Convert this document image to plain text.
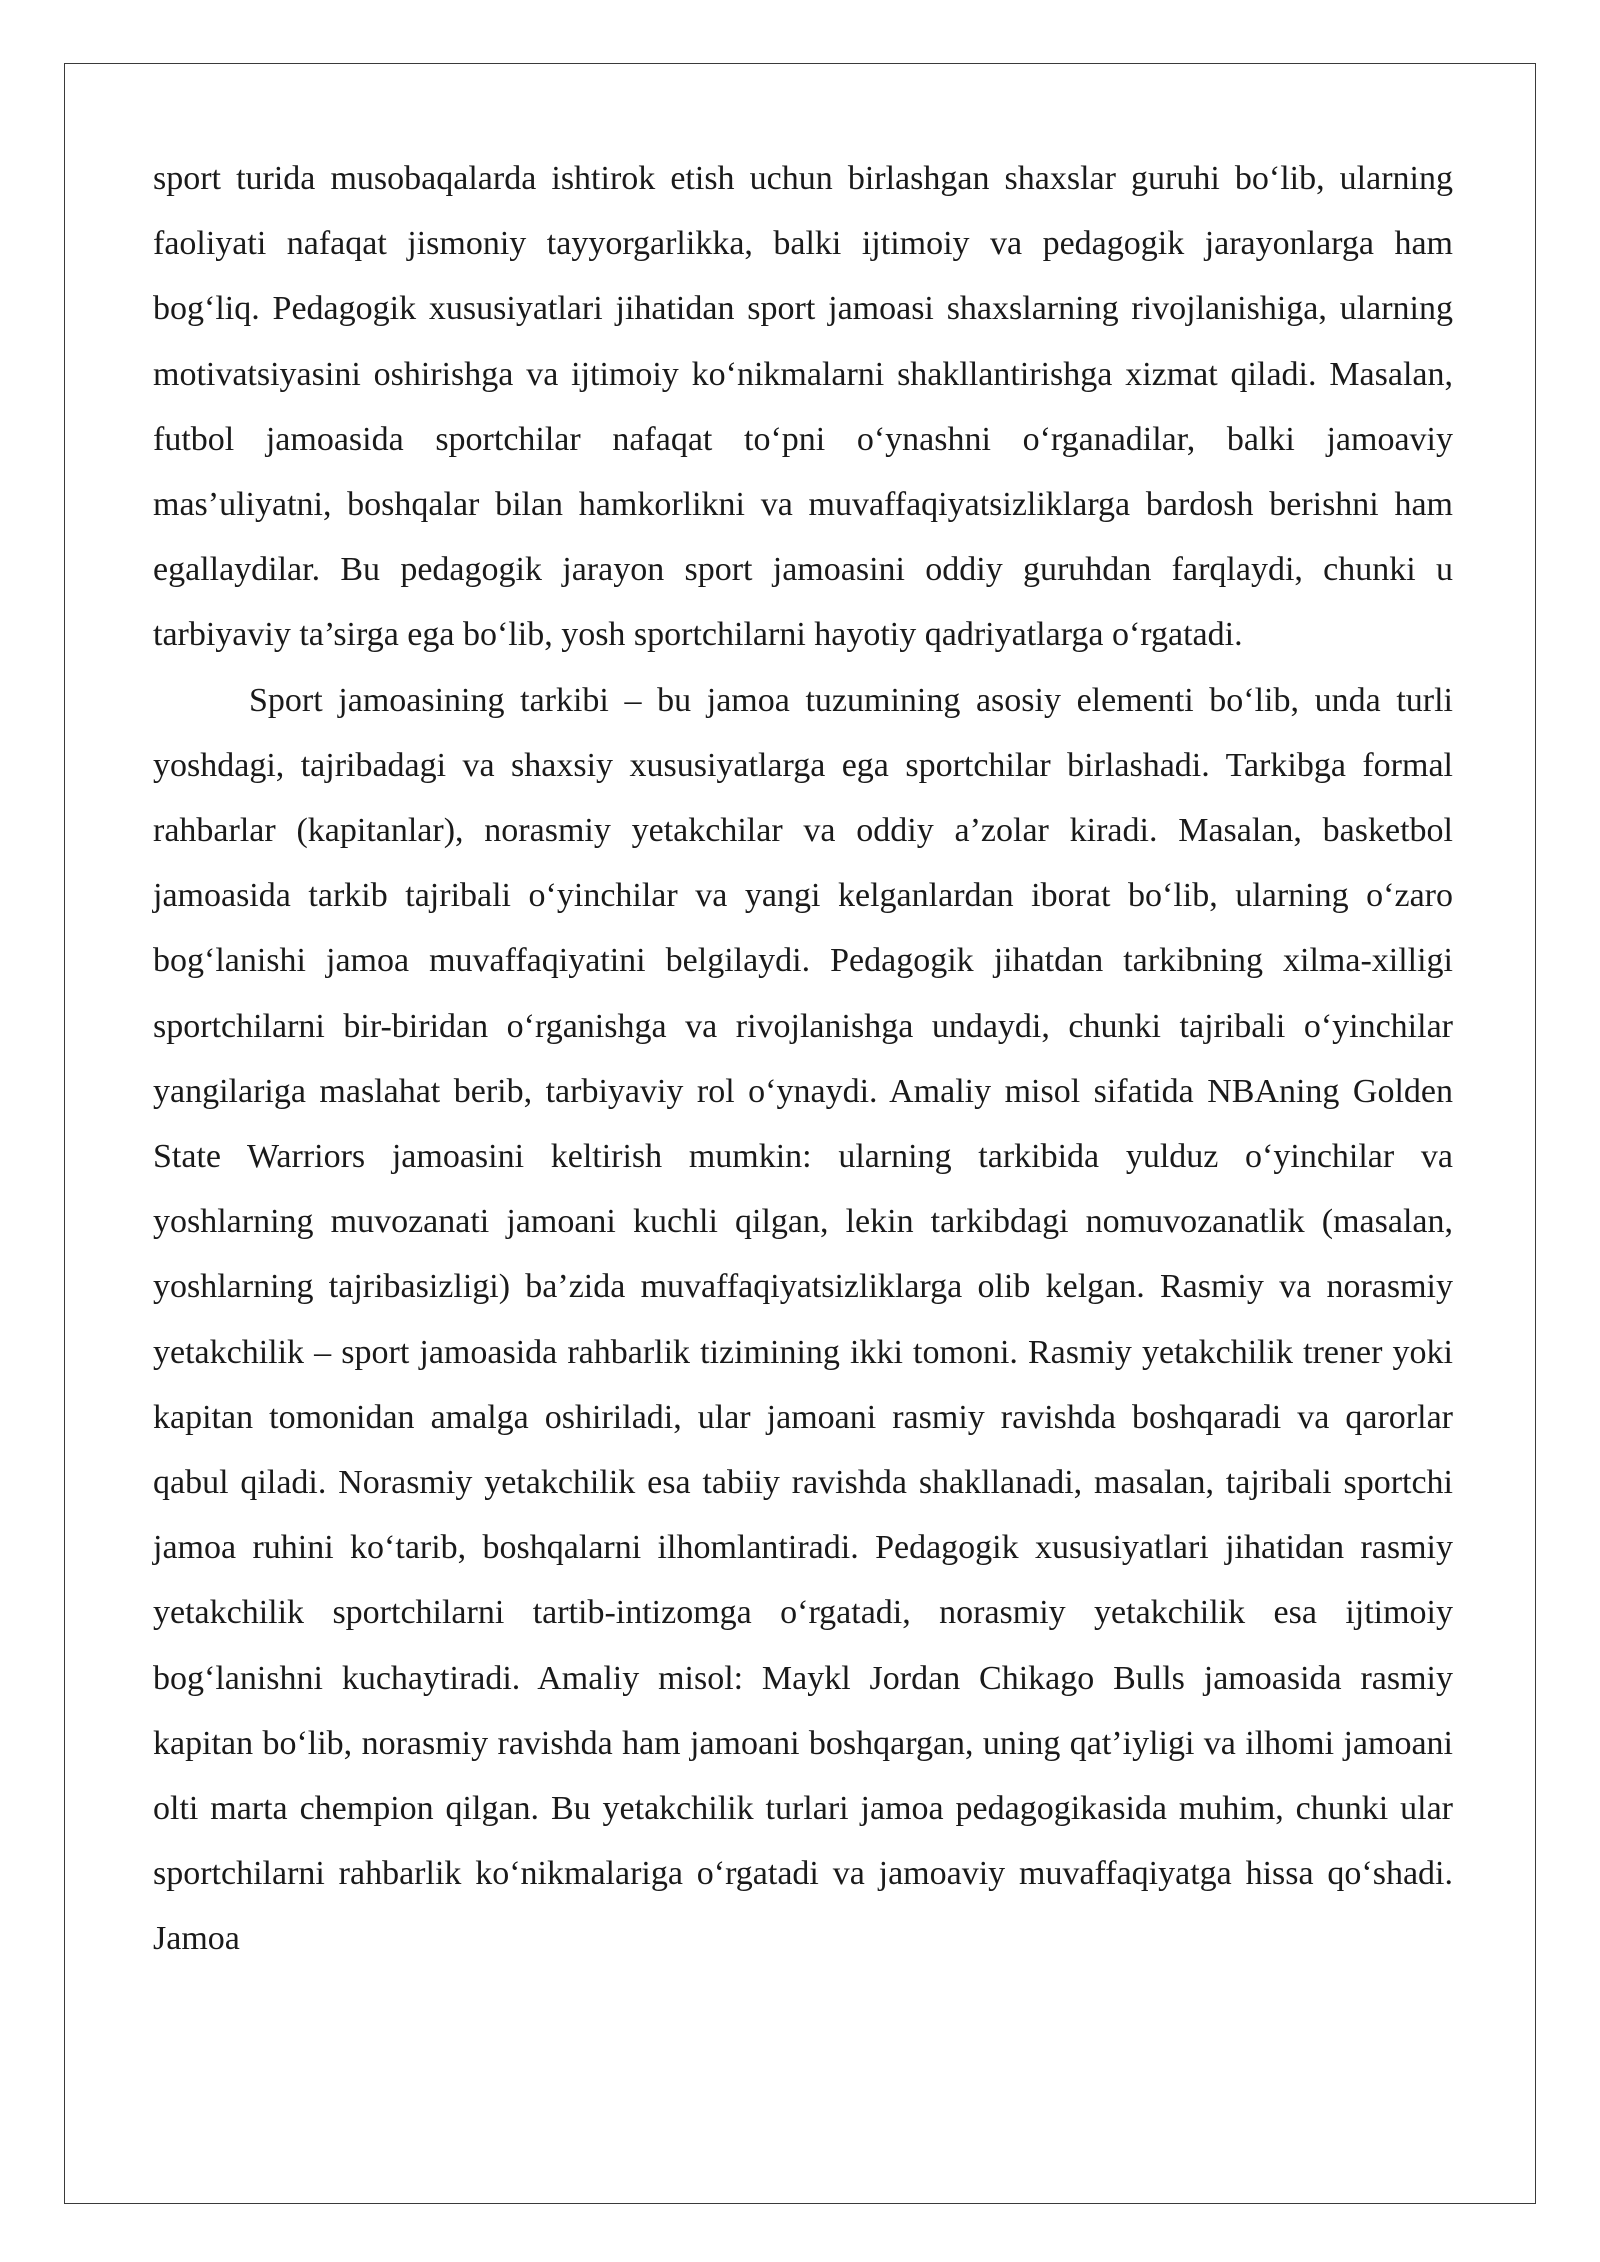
sport turida musobaqalarda ishtirok etish uchun birlashgan shaxslar guruhi bo‘lib, ularning faoliyati nafaqat jismoniy tayyorgarlikka, balki ijtimoiy va pedagogik jarayonlarga ham bog‘liq. Pedagogik xususiyatlari jihatidan sport jamoasi shaxslarning rivojlanishiga, ularning motivatsiyasini oshirishga va ijtimoiy ko‘nikmalarni shakllantirishga xizmat qiladi. Masalan, futbol jamoasida sportchilar nafaqat to‘pni o‘ynashni o‘rganadilar, balki jamoaviy mas’uliyatni, boshqalar bilan hamkorlikni va muvaffaqiyatsizliklarga bardosh berishni ham egallaydilar. Bu pedagogik jarayon sport jamoasini oddiy guruhdan farqlaydi, chunki u tarbiyaviy ta’sirga ega bo‘lib, yosh sportchilarni hayotiy qadriyatlarga o‘rgatadi.

Sport jamoasining tarkibi – bu jamoa tuzumining asosiy elementi bo‘lib, unda turli yoshdagi, tajribadagi va shaxsiy xususiyatlarga ega sportchilar birlashadi. Tarkibga formal rahbarlar (kapitanlar), norasmiy yetakchilar va oddiy a’zolar kiradi. Masalan, basketbol jamoasida tarkib tajribali o‘yinchilar va yangi kelganlardan iborat bo‘lib, ularning o‘zaro bog‘lanishi jamoa muvaffaqiyatini belgilaydi. Pedagogik jihatdan tarkibning xilma-xilligi sportchilarni bir-biridan o‘rganishga va rivojlanishga undaydi, chunki tajribali o‘yinchilar yangilariga maslahat berib, tarbiyaviy rol o‘ynaydi. Amaliy misol sifatida NBAning Golden State Warriors jamoasini keltirish mumkin: ularning tarkibida yulduz o‘yinchilar va yoshlarning muvozanati jamoani kuchli qilgan, lekin tarkibdagi nomuvozanatlik (masalan, yoshlarning tajribasizligi) ba’zida muvaffaqiyatsizliklarga olib kelgan. Rasmiy va norasmiy yetakchilik – sport jamoasida rahbarlik tizimining ikki tomoni. Rasmiy yetakchilik trener yoki kapitan tomonidan amalga oshiriladi, ular jamoani rasmiy ravishda boshqaradi va qarorlar qabul qiladi. Norasmiy yetakchilik esa tabiiy ravishda shakllanadi, masalan, tajribali sportchi jamoa ruhini ko‘tarib, boshqalarni ilhomlantiradi. Pedagogik xususiyatlari jihatidan rasmiy yetakchilik sportchilarni tartib-intizomga o‘rgatadi, norasmiy yetakchilik esa ijtimoiy bog‘lanishni kuchaytiradi. Amaliy misol: Maykl Jordan Chikago Bulls jamoasida rasmiy kapitan bo‘lib, norasmiy ravishda ham jamoani boshqargan, uning qat’iyligi va ilhomi jamoani olti marta chempion qilgan. Bu yetakchilik turlari jamoa pedagogikasida muhim, chunki ular sportchilarni rahbarlik ko‘nikmalariga o‘rgatadi va jamoaviy muvaffaqiyatga hissa qo‘shadi. Jamoa
